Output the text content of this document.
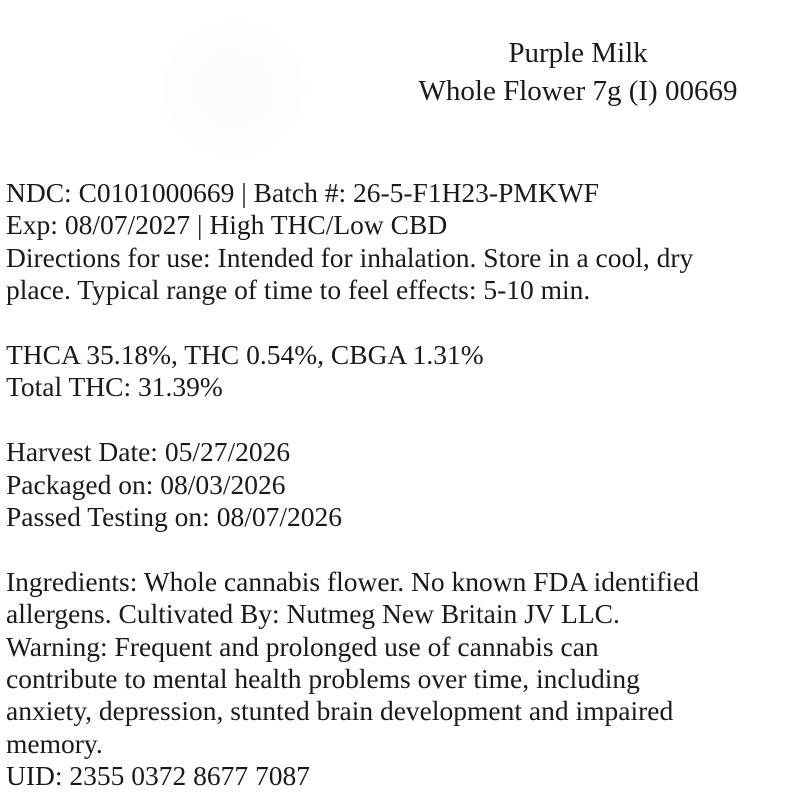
Purple Milk
Whole Flower 7g (I) 00669
NDC: C0101000669 | Batch #: 26-5-F1H23-PMKWF
Exp: 08/07/2027 | High THC/Low CBD
Directions for use: Intended for inhalation. Store in a cool, dry
place. Typical range of time to feel effects: 5-10 min.
THCA 35.18%, THC 0.54%, CBGA 1.31%
Total THC: 31.39%
Harvest Date: 05/27/2026
Packaged on: 08/03/2026
Passed Testing on: 08/07/2026
Ingredients: Whole cannabis flower. No known FDA identified
allergens. Cultivated By: Nutmeg New Britain JV LLC.
Warning: Frequent and prolonged use of cannabis can
contribute to mental health problems over time, including
anxiety, depression, stunted brain development and impaired
memory.
UID: 2355 0372 8677 7087
